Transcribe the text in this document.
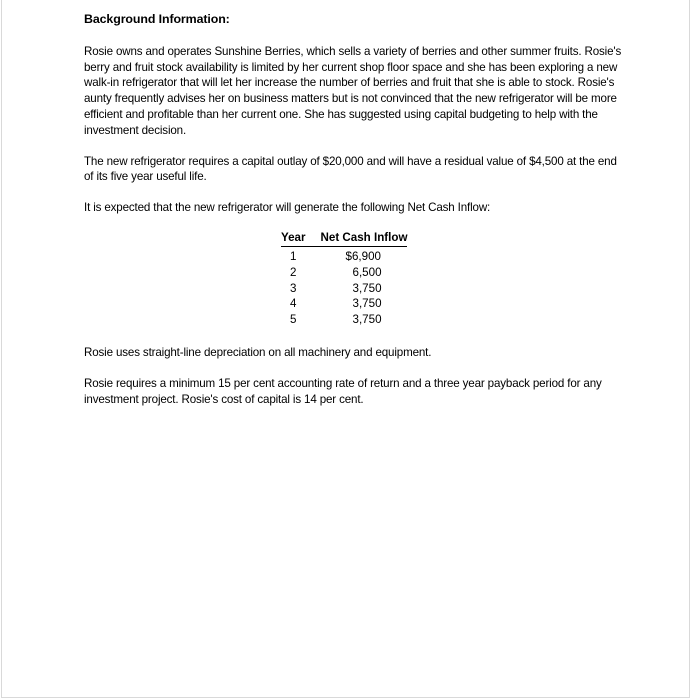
Background Information:

Rosie owns and operates Sunshine Berries, which sells a variety of berries and other summer fruits. Rosie's berry and fruit stock availability is limited by her current shop floor space and she has been exploring a new walk-in refrigerator that will let her increase the number of berries and fruit that she is able to stock. Rosie's aunty frequently advises her on business matters but is not convinced that the new refrigerator will be more efficient and profitable than her current one. She has suggested using capital budgeting to help with the investment decision.

The new refrigerator requires a capital outlay of $20,000 and will have a residual value of $4,500 at the end of its five year useful life.

It is expected that the new refrigerator will generate the following Net Cash Inflow:

Year	Net Cash Inflow
1	$6,900
2	6,500
3	3,750
4	3,750
5	3,750

Rosie uses straight-line depreciation on all machinery and equipment.

Rosie requires a minimum 15 per cent accounting rate of return and a three year payback period for any investment project. Rosie's cost of capital is 14 per cent.
